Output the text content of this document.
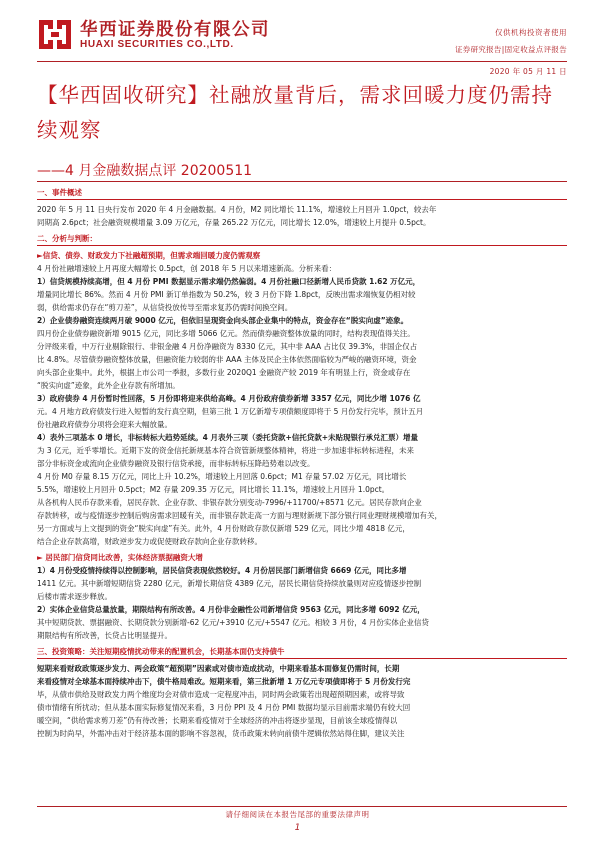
华西证券股份有限公司
HUAXI SECURITIES CO.,LTD.
仅供机构投资者使用
证券研究报告|固定收益点评报告
2020 年 05 月 11 日
【华西固收研究】社融放量背后，需求回暖力度仍需持续观察
——4 月金融数据点评 20200511
一、事件概述
2020 年 5 月 11 日央行发布 2020 年 4 月金融数据。4 月份，M2 同比增长 11.1%，增速较上月回升 1.0pct，较去年
同期高 2.6pct；社会融资规模增量 3.09 万亿元，存量 265.22 万亿元，同比增长 12.0%，增速较上月提升 0.5pct。
二、分析与判断：
►信贷、债券、财政发力下社融超预期，但需求端回暖力度仍需观察
4 月份社融增速较上月再度大幅增长 0.5pct，创 2018 年 5 月以来增速新高。分析来看：
1）信贷规模持续高增，但 4 月份 PMI 数据显示需求端仍然偏弱。4 月份社融口径新增人民币贷款 1.62 万亿元，
增量同比增长 86%。然而 4 月份 PMI 新订单指数为 50.2%，较 3 月份下降 1.8pct，反映出需求端恢复仍相对较
弱，供给需求仍存在“剪刀差”，从信贷投放传导至需求复苏仍需时间换空间。
2）企业债券融资连续两月破 9000 亿元，但依旧呈现资金向头部企业集中的特点，资金存在“脱实向虚”迹象。
四月份企业债券融资新增 9015 亿元，同比多增 5066 亿元。然而债券融资整体放量的同时，结构表现值得关注。
分评级来看，中万行业剔除银行、非银金融 4 月份净融资为 8330 亿元，其中非 AAA 占比仅 39.3%，非国企仅占
比 4.8%。尽管债券融资整体放量，但融资能力较弱的非 AAA 主体及民企主体依然面临较为严峻的融资环境，资金
向头部企业集中。此外，根据上市公司一季报，多数行业 2020Q1 金融资产较 2019 年有明显上行，资金或存在
“脱实向虚”迹象，此外企业存款有所增加。
3）政府债券 4 月份暂时性回落，5 月份即将迎来供给高峰。4 月份政府债券新增 3357 亿元，同比少增 1076 亿
元。4 月地方政府债发行进入短暂的发行真空期，但第三批 1 万亿新增专项债额度即将于 5 月份发行完毕，预计五月
份社融政府债券分项将会迎来大幅放量。
4）表外三项基本 0 增长，非标转标大趋势延续。4 月表外三项（委托贷款+信托贷款+未贴现银行承兑汇票）增量
为 3 亿元，近乎零增长。近期下发的资金信托新规基本符合资管新规整体精神，将进一步加速非标转标进程，未来
部分非标资金或流向企业债券融资及银行信贷承接，而非标转标压降趋势难以改变。
4 月份 M0 存量 8.15 万亿元，同比上升 10.2%，增速较上月回落 0.6pct；M1 存量 57.02 万亿元，同比增长
5.5%，增速较上月回升 0.5pct；M2 存量 209.35 万亿元，同比增长 11.1%，增速较上月回升 1.0pct。
从各机构人民币存款来看，居民存款、企业存款、非银存款分别变动-7996/+11700/+8571 亿元。居民存款向企业
存款转移，或与疫情逐步控制后购房需求回暖有关，而非银存款走高一方面与理财新规下部分银行同业理财规模增加有关，
另一方面或与上文提到的资金“脱实向虚”有关。此外，4 月份财政存款仅新增 529 亿元，同比少增 4818 亿元，
结合企业存款高增，财政逆步发力或促使财政存款向企业存款转移。
► 居民部门信贷同比改善，实体经济票据融资大增
1）4 月份受疫情持续得以控制影响，居民信贷表现依然较好。4 月份居民部门新增信贷 6669 亿元，同比多增
1411 亿元。其中新增短期信贷 2280 亿元，新增长期信贷 4389 亿元，居民长期信贷持续放量则对应疫情逐步控制
后楼市需求逐步释放。
2）实体企业信贷总量放量，期限结构有所改善。4 月份非金融性公司新增信贷 9563 亿元，同比多增 6092 亿元，
其中短期贷款、票据融资、长期贷款分别新增-62 亿元/+3910 亿元/+5547 亿元。相较 3 月份，4 月份实体企业信贷
期限结构有所改善，长贷占比明显提升。
三、投资策略：关注短期疫情扰动带来的配置机会，长期基本面仍支持债牛
短期来看财政政策逐步发力、两会政策“超预期”因素或对债市造成扰动，中期来看基本面修复仍需时间，长期
来看疫情对全球基本面持续冲击下，债牛格局难改。短期来看，第三批新增 1 万亿元专项债即将于 5 月份发行完
毕，从债市供给及财政发力两个维度均会对债市造成一定程度冲击，同时两会政策若出现超预期因素，或将导致
债市情绪有所扰动；但从基本面实际修复情况来看，3 月份 PPI 及 4 月份 PMI 数据均显示目前需求端仍有较大回
暖空间，“供给需求剪刀差”仍有待改善；长期来看疫情对于全球经济的冲击将逐步显现，目前该全球疫情得以
控制为时尚早，外需冲击对于经济基本面的影响不容忽视，货币政策未转向前债牛逻辑依然站得住脚，建议关注
请仔细阅读在本报告尾部的重要法律声明
1
